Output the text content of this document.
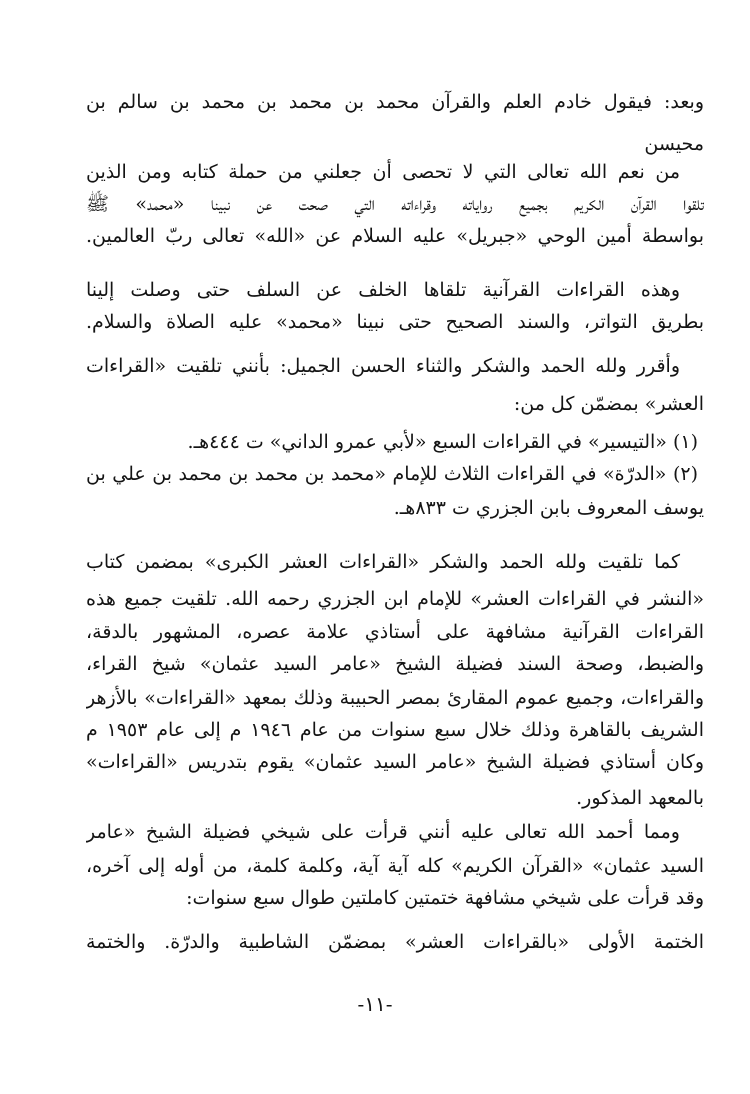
وبعد: فيقول خادم العلم والقرآن محمد بن محمد بن محمد بن سالم بن
محيسن
من نعم الله تعالى التي لا تحصى أن جعلني من حملة كتابه ومن الذين
تلقوا القرآن الكريم بجميع رواياته وقراءاته التي صحت عن نبينا «محمد» ﷺ
بواسطة أمين الوحي «جبريل» عليه السلام عن «الله» تعالى ربّ العالمين.
وهذه القراءات القرآنية تلقاها الخلف عن السلف حتى وصلت إلينا
بطريق التواتر، والسند الصحيح حتى نبينا «محمد» عليه الصلاة والسلام.
وأقرر ولله الحمد والشكر والثناء الحسن الجميل: بأنني تلقيت «القراءات
العشر» بمضمّن كل من:
(١) «التيسير» في القراءات السبع «لأبي عمرو الداني» ت ٤٤٤هـ.
(٢) «الدرّة» في القراءات الثلاث للإمام «محمد بن محمد بن محمد بن علي بن
يوسف المعروف بابن الجزري ت ٨٣٣هـ.
كما تلقيت ولله الحمد والشكر «القراءات العشر الكبرى» بمضمن كتاب
«النشر في القراءات العشر» للإمام ابن الجزري رحمه الله. تلقيت جميع هذه
القراءات القرآنية مشافهة على أستاذي علامة عصره، المشهور بالدقة،
والضبط، وصحة السند فضيلة الشيخ «عامر السيد عثمان» شيخ القراء،
والقراءات، وجميع عموم المقارئ بمصر الحبيبة وذلك بمعهد «القراءات» بالأزهر
الشريف بالقاهرة وذلك خلال سبع سنوات من عام ١٩٤٦ م إلى عام ١٩٥٣ م
وكان أستاذي فضيلة الشيخ «عامر السيد عثمان» يقوم بتدريس «القراءات»
بالمعهد المذكور.
ومما أحمد الله تعالى عليه أنني قرأت على شيخي فضيلة الشيخ «عامر
السيد عثمان» «القرآن الكريم» كله آية آية، وكلمة كلمة، من أوله إلى آخره،
وقد قرأت على شيخي مشافهة ختمتين كاملتين طوال سبع سنوات:
الختمة الأولى «بالقراءات العشر» بمضمّن الشاطبية والدرّة. والختمة
-١١-
